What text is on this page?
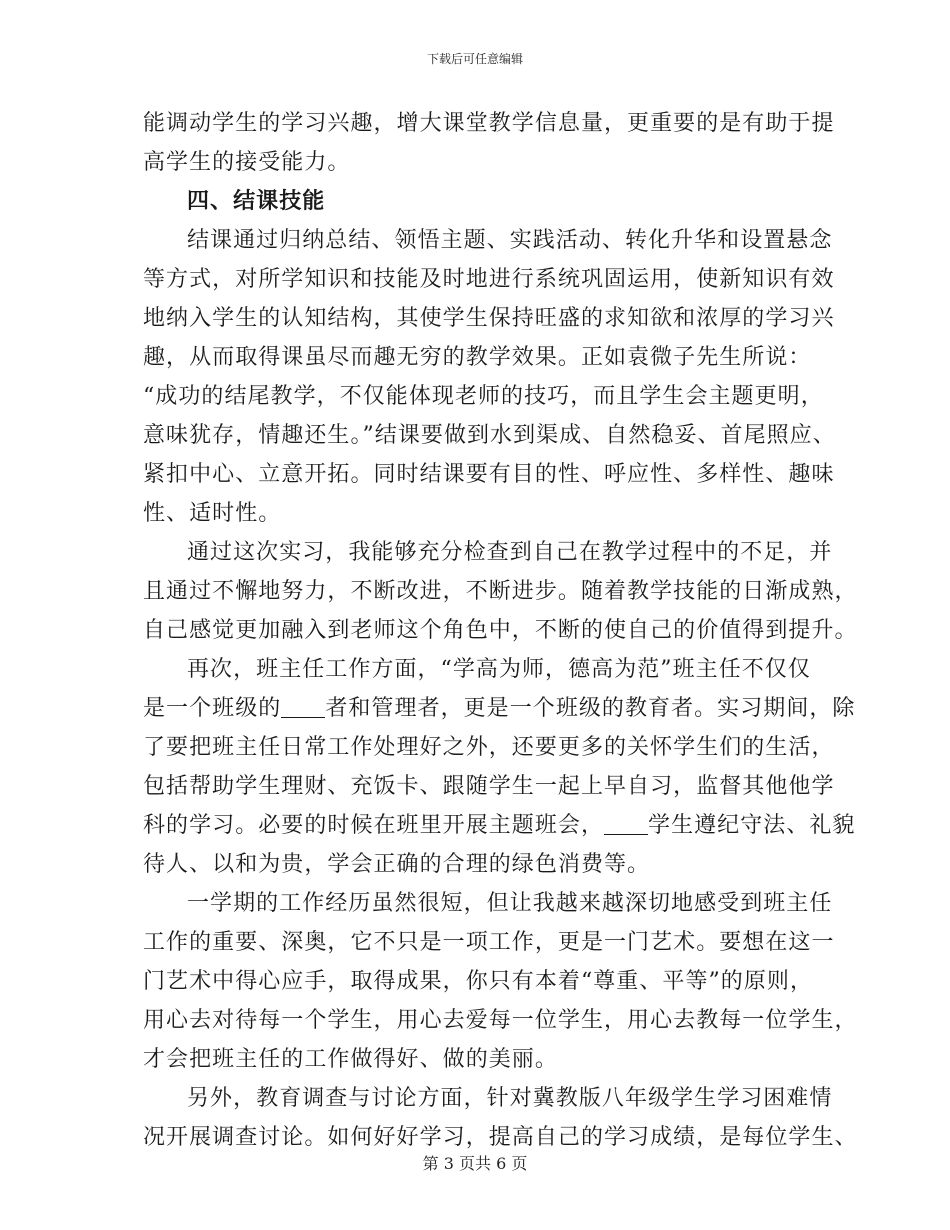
下载后可任意编辑
能调动学生的学习兴趣，增大课堂教学信息量，更重要的是有助于提
高学生的接受能力。
四、结课技能
结课通过归纳总结、领悟主题、实践活动、转化升华和设置悬念
等方式，对所学知识和技能及时地进行系统巩固运用，使新知识有效
地纳入学生的认知结构，其使学生保持旺盛的求知欲和浓厚的学习兴
趣，从而取得课虽尽而趣无穷的教学效果。正如袁微子先生所说：
“成功的结尾教学，不仅能体现老师的技巧，而且学生会主题更明，
意味犹存，情趣还生。”结课要做到水到渠成、自然稳妥、首尾照应、
紧扣中心、立意开拓。同时结课要有目的性、呼应性、多样性、趣味
性、适时性。
通过这次实习，我能够充分检查到自己在教学过程中的不足，并
且通过不懈地努力，不断改进，不断进步。随着教学技能的日渐成熟，
自己感觉更加融入到老师这个角色中，不断的使自己的价值得到提升。
再次，班主任工作方面，“学高为师，德高为范”班主任不仅仅
是一个班级的 者和管理者，更是一个班级的教育者。实习期间，除
了要把班主任日常工作处理好之外，还要更多的关怀学生们的生活，
包括帮助学生理财、充饭卡、跟随学生一起上早自习，监督其他他学
科的学习。必要的时候在班里开展主题班会， 学生遵纪守法、礼貌
待人、以和为贵，学会正确的合理的绿色消费等。
一学期的工作经历虽然很短，但让我越来越深切地感受到班主任
工作的重要、深奥，它不只是一项工作，更是一门艺术。要想在这一
门艺术中得心应手，取得成果，你只有本着“尊重、平等”的原则，
用心去对待每一个学生，用心去爱每一位学生，用心去教每一位学生，
才会把班主任的工作做得好、做的美丽。
另外，教育调查与讨论方面，针对冀教版八年级学生学习困难情
况开展调查讨论。如何好好学习，提高自己的学习成绩，是每位学生、
第 3 页共 6 页
